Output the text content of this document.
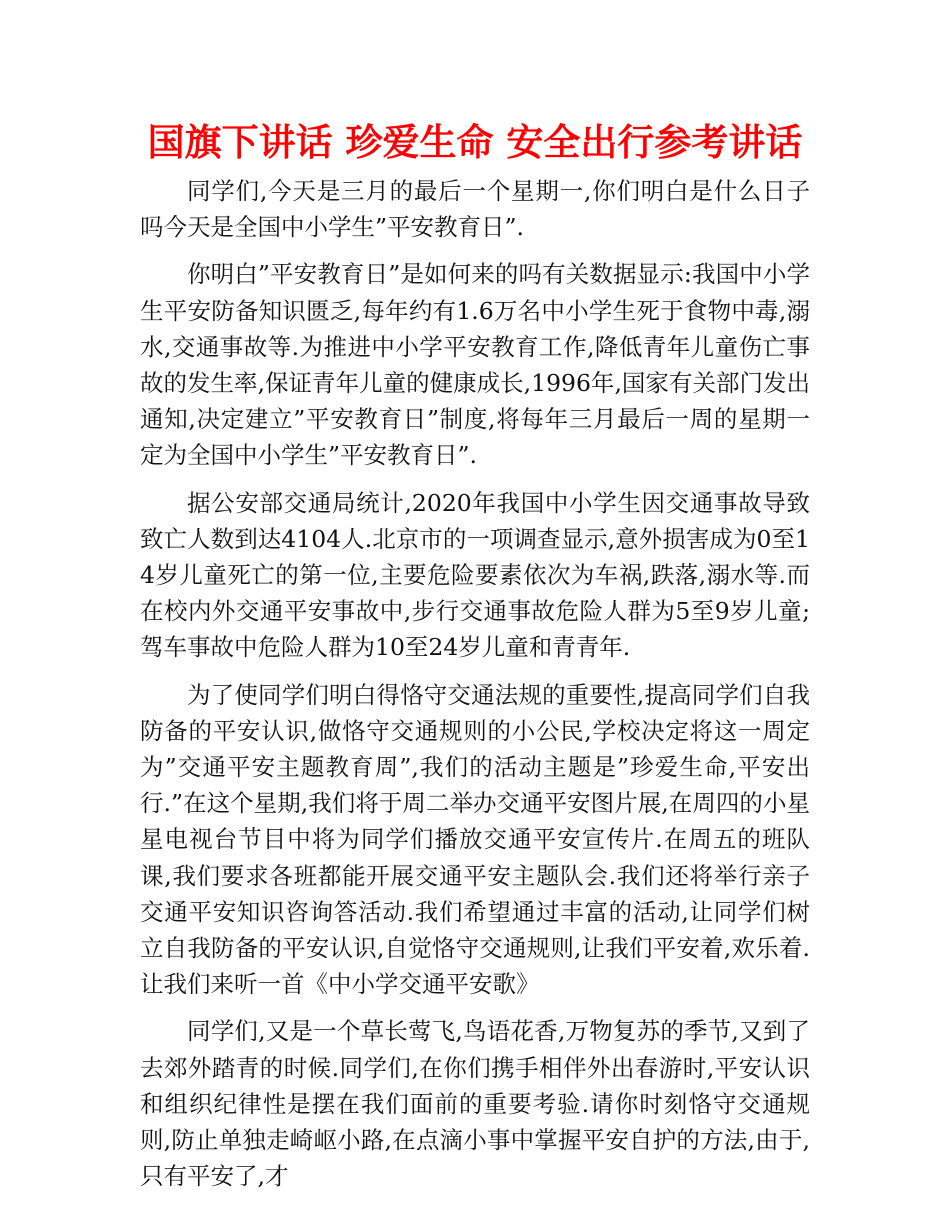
国旗下讲话 珍爱生命 安全出行参考讲话

同学们,今天是三月的最后一个星期一,你们明白是什么日子吗今天是全国中小学生”平安教育日”.

你明白”平安教育日”是如何来的吗有关数据显示:我国中小学生平安防备知识匮乏,每年约有1.6万名中小学生死于食物中毒,溺水,交通事故等.为推进中小学平安教育工作,降低青年儿童伤亡事故的发生率,保证青年儿童的健康成长,1996年,国家有关部门发出通知,决定建立”平安教育日”制度,将每年三月最后一周的星期一定为全国中小学生”平安教育日”.

据公安部交通局统计,2020年我国中小学生因交通事故导致致亡人数到达4104人.北京市的一项调查显示,意外损害成为0至14岁儿童死亡的第一位,主要危险要素依次为车祸,跌落,溺水等.而在校内外交通平安事故中,步行交通事故危险人群为5至9岁儿童;驾车事故中危险人群为10至24岁儿童和青青年.

为了使同学们明白得恪守交通法规的重要性,提高同学们自我防备的平安认识,做恪守交通规则的小公民,学校决定将这一周定为”交通平安主题教育周”,我们的活动主题是”珍爱生命,平安出行.”在这个星期,我们将于周二举办交通平安图片展,在周四的小星星电视台节目中将为同学们播放交通平安宣传片.在周五的班队课,我们要求各班都能开展交通平安主题队会.我们还将举行亲子交通平安知识咨询答活动.我们希望通过丰富的活动,让同学们树立自我防备的平安认识,自觉恪守交通规则,让我们平安着,欢乐着.让我们来听一首《中小学交通平安歌》

同学们,又是一个草长莺飞,鸟语花香,万物复苏的季节,又到了去郊外踏青的时候.同学们,在你们携手相伴外出春游时,平安认识和组织纪律性是摆在我们面前的重要考验.请你时刻恪守交通规则,防止单独走崎岖小路,在点滴小事中掌握平安自护的方法,由于,只有平安了,才
